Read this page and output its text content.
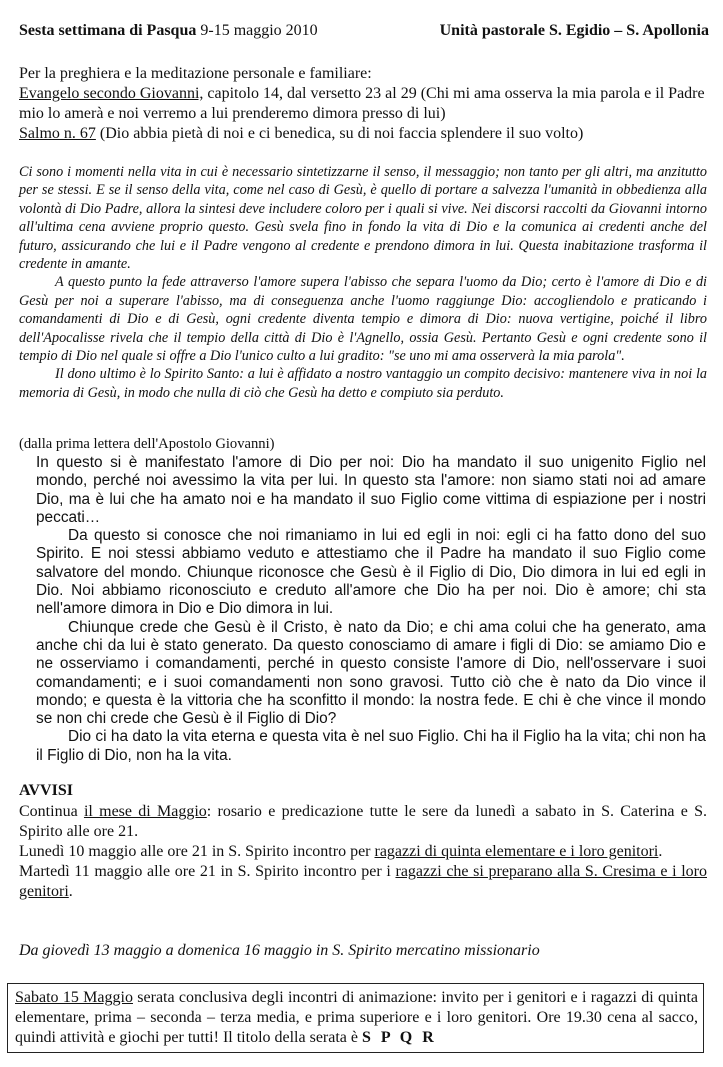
Sesta settimana di Pasqua 9-15 maggio 2010	Unità pastorale S. Egidio – S. Apollonia

Per la preghiera e la meditazione personale e familiare:

Evangelo secondo Giovanni, capitolo 14, dal versetto 23 al 29 (Chi mi ama osserva la mia parola e il Padre mio lo amerà e noi verremo a lui prenderemo dimora presso di lui)

Salmo n. 67 (Dio abbia pietà di noi e ci benedica, su di noi faccia splendere il suo volto)

Ci sono i momenti nella vita in cui è necessario sintetizzarne il senso, il messaggio; non tanto per gli altri, ma anzitutto per se stessi. E se il senso della vita, come nel caso di Gesù, è quello di portare a salvezza l'umanità in obbedienza alla volontà di Dio Padre, allora la sintesi deve includere coloro per i quali si vive. Nei discorsi raccolti da Giovanni intorno all'ultima cena avviene proprio questo. Gesù svela fino in fondo la vita di Dio e la comunica ai credenti anche del futuro, assicurando che lui e il Padre vengono al credente e prendono dimora in lui. Questa inabitazione trasforma il credente in amante.

A questo punto la fede attraverso l'amore supera l'abisso che separa l'uomo da Dio; certo è l'amore di Dio e di Gesù per noi a superare l'abisso, ma di conseguenza anche l'uomo raggiunge Dio: accogliendolo e praticando i comandamenti di Dio e di Gesù, ogni credente diventa tempio e dimora di Dio: nuova vertigine, poiché il libro dell'Apocalisse rivela che il tempio della città di Dio è l'Agnello, ossia Gesù. Pertanto Gesù e ogni credente sono il tempio di Dio nel quale si offre a Dio l'unico culto a lui gradito: "se uno mi ama osserverà la mia parola".

Il dono ultimo è lo Spirito Santo: a lui è affidato a nostro vantaggio un compito decisivo: mantenere viva in noi la memoria di Gesù, in modo che nulla di ciò che Gesù ha detto e compiuto sia perduto.

(dalla prima lettera dell'Apostolo Giovanni)

In questo si è manifestato l'amore di Dio per noi: Dio ha mandato il suo unigenito Figlio nel mondo, perché noi avessimo la vita per lui. In questo sta l'amore: non siamo stati noi ad amare Dio, ma è lui che ha amato noi e ha mandato il suo Figlio come vittima di espiazione per i nostri peccati…

Da questo si conosce che noi rimaniamo in lui ed egli in noi: egli ci ha fatto dono del suo Spirito. E noi stessi abbiamo veduto e attestiamo che il Padre ha mandato il suo Figlio come salvatore del mondo. Chiunque riconosce che Gesù è il Figlio di Dio, Dio dimora in lui ed egli in Dio. Noi abbiamo riconosciuto e creduto all'amore che Dio ha per noi. Dio è amore; chi sta nell'amore dimora in Dio e Dio dimora in lui.

Chiunque crede che Gesù è il Cristo, è nato da Dio; e chi ama colui che ha generato, ama anche chi da lui è stato generato. Da questo conosciamo di amare i figli di Dio: se amiamo Dio e ne osserviamo i comandamenti, perché in questo consiste l'amore di Dio, nell'osservare i suoi comandamenti; e i suoi comandamenti non sono gravosi. Tutto ciò che è nato da Dio vince il mondo; e questa è la vittoria che ha sconfitto il mondo: la nostra fede. E chi è che vince il mondo se non chi crede che Gesù è il Figlio di Dio?

Dio ci ha dato la vita eterna e questa vita è nel suo Figlio. Chi ha il Figlio ha la vita; chi non ha il Figlio di Dio, non ha la vita.

AVVISI

Continua il mese di Maggio: rosario e predicazione tutte le sere da lunedì a sabato in S. Caterina e S. Spirito alle ore 21.

Lunedì 10 maggio alle ore 21 in S. Spirito incontro per ragazzi di quinta elementare e i loro genitori.

Martedì 11 maggio alle ore 21 in S. Spirito incontro per i ragazzi che si preparano alla S. Cresima e i loro genitori.

Da giovedì 13 maggio a domenica 16 maggio in S. Spirito mercatino missionario

Sabato 15 Maggio serata conclusiva degli incontri di animazione: invito per i genitori e i ragazzi di quinta elementare, prima – seconda – terza media, e prima superiore e i loro genitori. Ore 19.30 cena al sacco, quindi attività e giochi per tutti! Il titolo della serata è S P Q R
